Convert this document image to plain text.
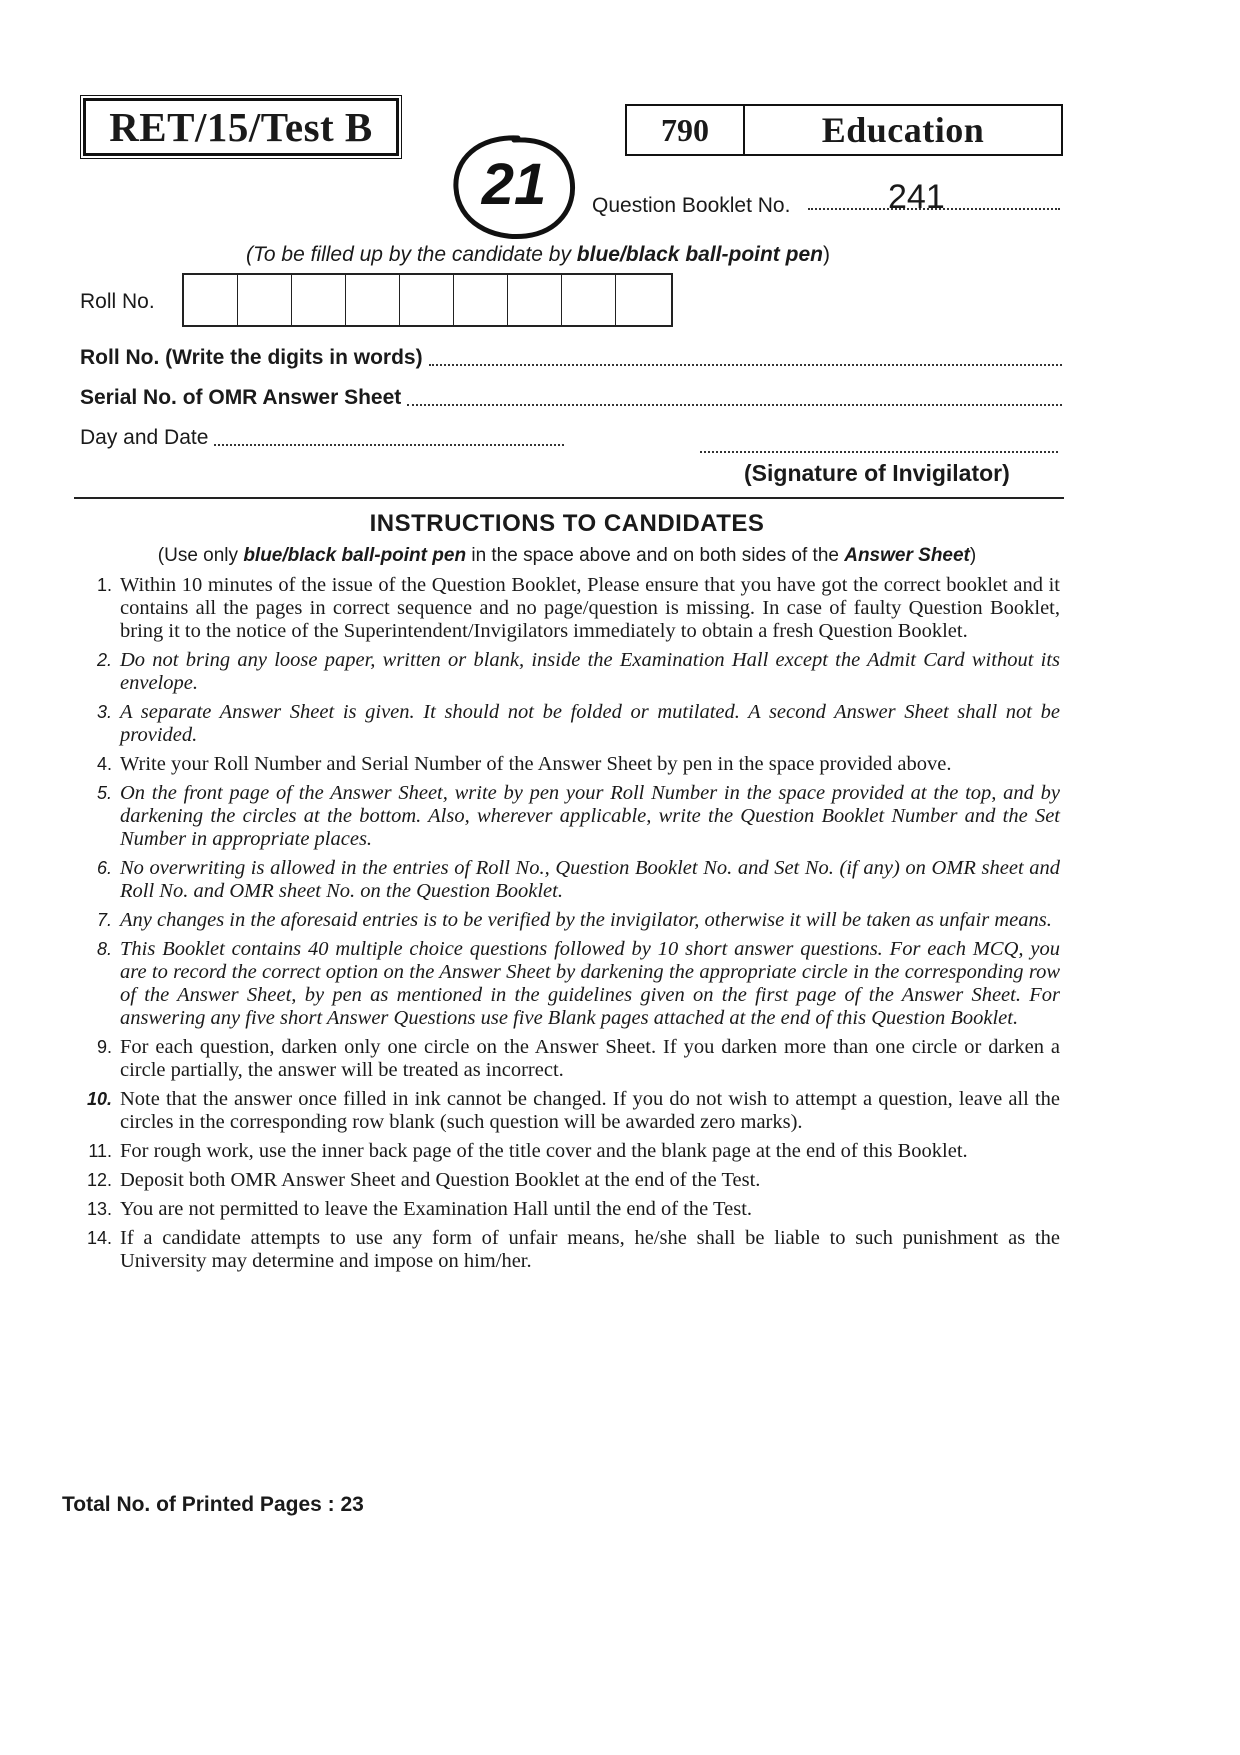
RET/15/Test B	790	Education
21 Question Booklet No.	241
(To be filled up by the candidate by blue/black ball-point pen)
Roll No.
Roll No. (Write the digits in words)
Serial No. of OMR Answer Sheet
Day and Date
(Signature of Invigilator)
INSTRUCTIONS TO CANDIDATES
(Use only blue/black ball-point pen in the space above and on both sides of the Answer Sheet)
1. Within 10 minutes of the issue of the Question Booklet, Please ensure that you have got the correct booklet and it contains all the pages in correct sequence and no page/question is missing. In case of faulty Question Booklet, bring it to the notice of the Superintendent/Invigilators immediately to obtain a fresh Question Booklet.
2. Do not bring any loose paper, written or blank, inside the Examination Hall except the Admit Card without its envelope.
3. A separate Answer Sheet is given. It should not be folded or mutilated. A second Answer Sheet shall not be provided.
4. Write your Roll Number and Serial Number of the Answer Sheet by pen in the space provided above.
5. On the front page of the Answer Sheet, write by pen your Roll Number in the space provided at the top, and by darkening the circles at the bottom. Also, wherever applicable, write the Question Booklet Number and the Set Number in appropriate places.
6. No overwriting is allowed in the entries of Roll No., Question Booklet No. and Set No. (if any) on OMR sheet and Roll No. and OMR sheet No. on the Question Booklet.
7. Any changes in the aforesaid entries is to be verified by the invigilator, otherwise it will be taken as unfair means.
8. This Booklet contains 40 multiple choice questions followed by 10 short answer questions. For each MCQ, you are to record the correct option on the Answer Sheet by darkening the appropriate circle in the corresponding row of the Answer Sheet, by pen as mentioned in the guidelines given on the first page of the Answer Sheet. For answering any five short Answer Questions use five Blank pages attached at the end of this Question Booklet.
9. For each question, darken only one circle on the Answer Sheet. If you darken more than one circle or darken a circle partially, the answer will be treated as incorrect.
10. Note that the answer once filled in ink cannot be changed. If you do not wish to attempt a question, leave all the circles in the corresponding row blank (such question will be awarded zero marks).
11. For rough work, use the inner back page of the title cover and the blank page at the end of this Booklet.
12. Deposit both OMR Answer Sheet and Question Booklet at the end of the Test.
13. You are not permitted to leave the Examination Hall until the end of the Test.
14. If a candidate attempts to use any form of unfair means, he/she shall be liable to such punishment as the University may determine and impose on him/her.
Total No. of Printed Pages : 23
